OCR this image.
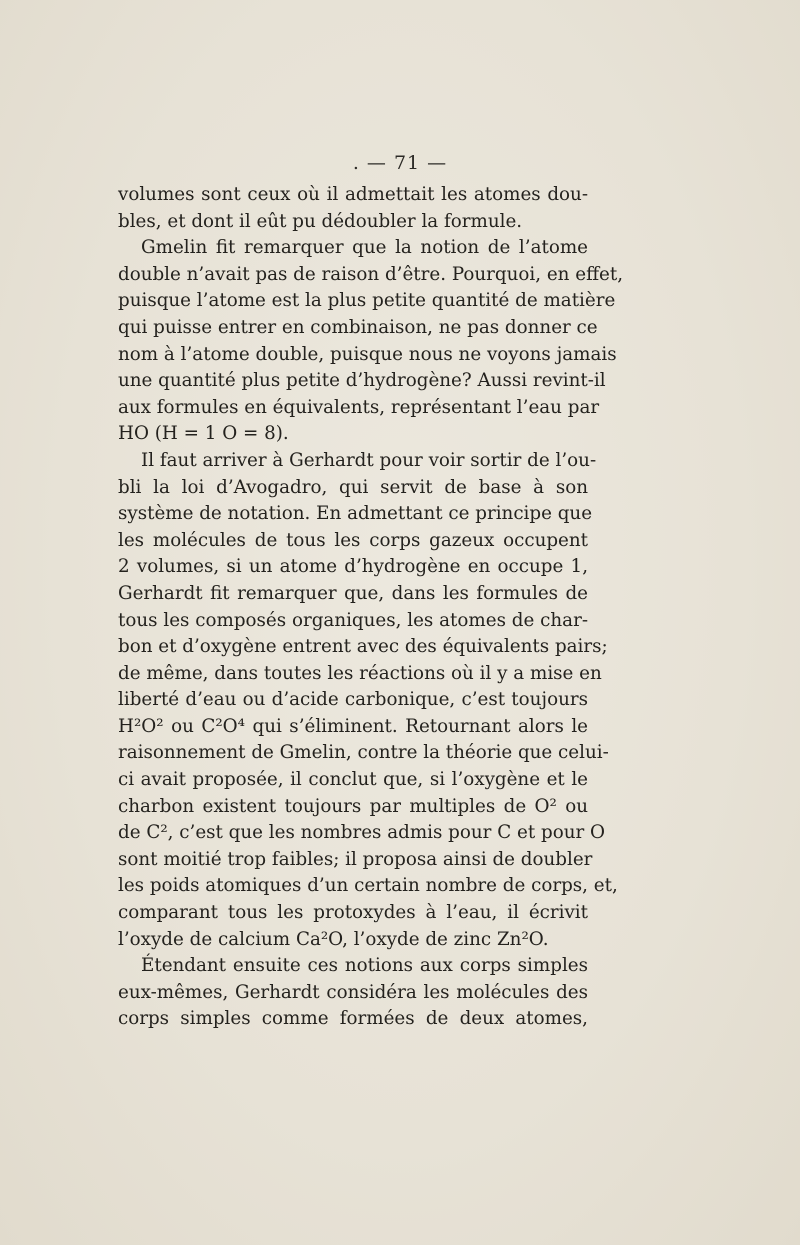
. — 71 —
volumes sont ceux où il admettait les atomes dou-
bles, et dont il eût pu dédoubler la formule.
Gmelin fit remarquer que la notion de l’atome
double n’avait pas de raison d’être. Pourquoi, en effet,
puisque l’atome est la plus petite quantité de matière
qui puisse entrer en combinaison, ne pas donner ce
nom à l’atome double, puisque nous ne voyons jamais
une quantité plus petite d’hydrogène? Aussi revint-il
aux formules en équivalents, représentant l’eau par
HO (H = 1 O = 8).
Il faut arriver à Gerhardt pour voir sortir de l’ou-
bli la loi d’Avogadro, qui servit de base à son
système de notation. En admettant ce principe que
les molécules de tous les corps gazeux occupent
2 volumes, si un atome d’hydrogène en occupe 1,
Gerhardt fit remarquer que, dans les formules de
tous les composés organiques, les atomes de char-
bon et d’oxygène entrent avec des équivalents pairs;
de même, dans toutes les réactions où il y a mise en
liberté d’eau ou d’acide carbonique, c’est toujours
H²O² ou C²O⁴ qui s’éliminent. Retournant alors le
raisonnement de Gmelin, contre la théorie que celui-
ci avait proposée, il conclut que, si l’oxygène et le
charbon existent toujours par multiples de O² ou
de C², c’est que les nombres admis pour C et pour O
sont moitié trop faibles; il proposa ainsi de doubler
les poids atomiques d’un certain nombre de corps, et,
comparant tous les protoxydes à l’eau, il écrivit
l’oxyde de calcium Ca²O, l’oxyde de zinc Zn²O.
Étendant ensuite ces notions aux corps simples
eux-mêmes, Gerhardt considéra les molécules des
corps simples comme formées de deux atomes,
